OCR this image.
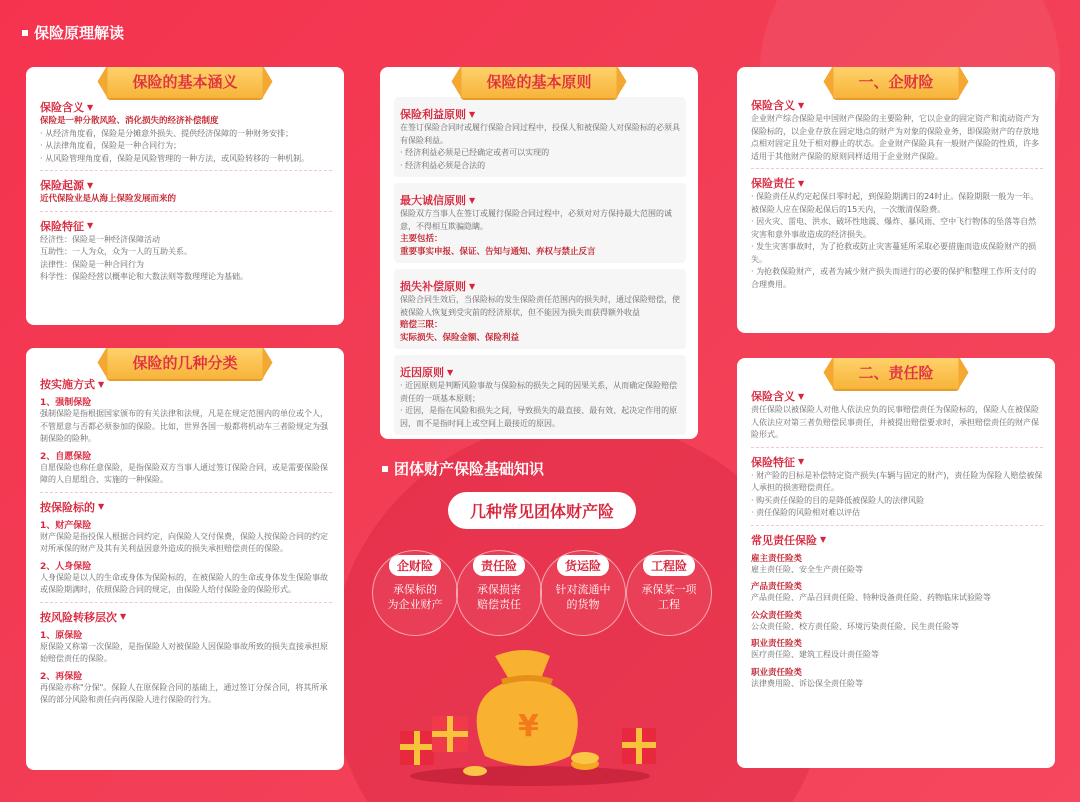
保险原理解读
保险的基本涵义
保险含义 ▼
保险是一种分散风险、消化损失的经济补偿制度
· 从经济角度看，保险是分摊意外损失、提供经济保障的一种财务安排；
· 从法律角度看，保险是一种合同行为；
· 从风险管理角度看，保险是风险管理的一种方法，或风险转移的一种机制。
保险起源 ▼
近代保险业是从海上保险发展而来的
保险特征 ▼
经济性：保险是一种经济保障活动
互助性：一人为众，众为一人的互助关系。
法律性：保险是一种合同行为
科学性：保险经营以概率论和大数法则等数理理论为基础。
保险的几种分类
按实施方式 ▼
1、强制保险
强制保险是指根据国家颁布的有关法律和法规，凡是在规定范围内的单位或个人，不管愿意与否都必须参加的保险。比如，世界各国一般都将机动车三者险规定为强制保险的险种。
2、自愿保险
自愿保险也称任意保险，是指保险双方当事人通过签订保险合同，或是需要保险保障的人自愿组合、实施的一种保险。
按保险标的 ▼
1、财产保险
财产保险是指投保人根据合同约定，向保险人交付保费，保险人按保险合同的约定对所承保的财产及其有关利益因意外造成的损失承担赔偿责任的保险。
2、人身保险
人身保险是以人的生命或身体为保险标的，在被保险人的生命或身体发生保险事故或保险期满时，依照保险合同的规定，由保险人给付保险金的保险形式。
按风险转移层次 ▼
1、原保险
原保险又称第一次保险，是指保险人对被保险人因保险事故所致的损失直接承担原始赔偿责任的保险。
2、再保险
再保险亦称"分保"。保险人在原保险合同的基础上，通过签订分保合同，将其所承保的部分风险和责任向再保险人进行保险的行为。
保险的基本原则
保险利益原则 ▼
在签订保险合同时或履行保险合同过程中，投保人和被保险人对保险标的必须具有保险利益。
· 经济利益必须是已经确定或者可以实现的
· 经济利益必须是合法的
最大诚信原则 ▼
保险双方当事人在签订或履行保险合同过程中，必须对对方保持最大范围的诚意，不得相互欺骗隐瞒。
主要包括：
重要事实申报、保证、告知与通知、弃权与禁止反言
损失补偿原则 ▼
保险合同生效后，当保险标的发生保险责任范围内的损失时，通过保险赔偿，使被保险人恢复到受灾前的经济原状，但不能因为损失而获得额外收益
赔偿三限：
实际损失、保险金额、保险利益
近因原则 ▼
· 近因原则是判断风险事故与保险标的损失之间的因果关系，从而确定保险赔偿责任的一项基本原则；
· 近因，是指在风险和损失之间，导致损失的最直接、最有效、起决定作用的原因，而不是指时间上或空间上最接近的原因。
团体财产保险基础知识
几种常见团体财产险
企财险
承保标的
为企业财产
责任险
承保损害
赔偿责任
货运险
针对流通中
的货物
工程险
承保某一项
工程
¥
一、企财险
保险含义 ▼
企业财产综合保险是中国财产保险的主要险种，它以企业的固定资产和流动资产为保险标的，以企业存放在固定地点的财产为对象的保险业务，即保险财产的存放地点相对固定且处于相对静止的状态。企业财产保险具有一般财产保险的性质，许多适用于其他财产保险的原则同样适用于企业财产保险。
保险责任 ▼
· 保险责任从约定起保日零时起，到保险期满日的24时止。保险期限一般为一年。被保险人应在保险起保后的15天内，一次缴清保险费。
· 因火灾、雷电、洪水、破坏性地震、爆炸、暴风雨、空中飞行物体的坠落等自然灾害和意外事故造成的经济损失。
· 发生灾害事故时，为了抢救或防止灾害蔓延所采取必要措施而造成保险财产的损失。
· 为抢救保险财产，或者为减少财产损失而进行的必要的保护和整理工作所支付的合理费用。
二、责任险
保险含义 ▼
责任保险以被保险人对他人依法应负的民事赔偿责任为保险标的，保险人在被保险人依法应对第三者负赔偿民事责任，并被提出赔偿要求时，承担赔偿责任的财产保险形式。
保险特征 ▼
· 财产险的目标是补偿特定资产损失(车辆与固定的财产)，责任险为保险人赔偿被保人承担的损害赔偿责任。
· 购买责任保险的目的是降低被保险人的法律风险
· 责任保险的风险相对难以评估
常见责任保险 ▼
雇主责任险类
雇主责任险、安全生产责任险等
产品责任险类
产品责任险、产品召回责任险、特种设备责任险、药物临床试验险等
公众责任险类
公众责任险、校方责任险、环境污染责任险、民生责任险等
职业责任险类
医疗责任险、建筑工程设计责任险等
职业责任险类
法律费用险、诉讼保全责任险等
